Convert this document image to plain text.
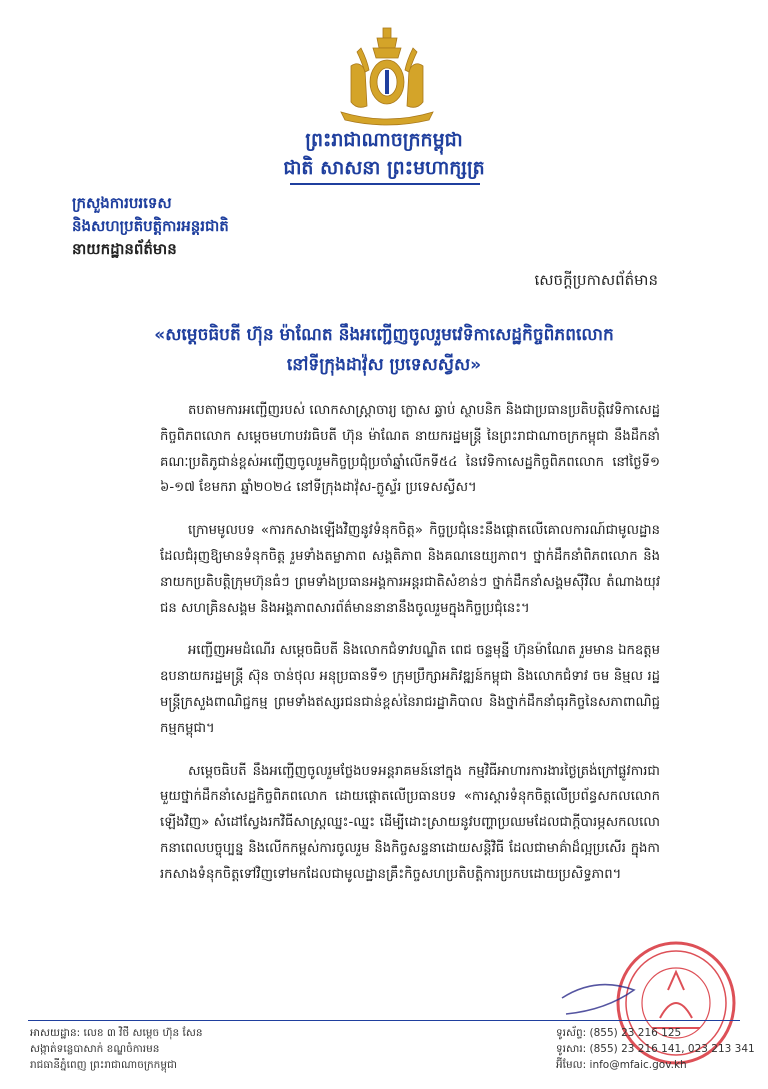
ព្រះរាជាណាចក្រកម្ពុជា
ជាតិ សាសនា ព្រះមហាក្សត្រ
ក្រសួងការបរទេស
និងសហប្រតិបត្តិការអន្តរជាតិ
នាយកដ្ឋានព័ត៌មាន
សេចក្តីប្រកាសព័ត៌មាន
«សម្តេចធិបតី ហ៊ុន ម៉ាណែត នឹងអញ្ជើញចូលរួមវេទិកាសេដ្ឋកិច្ចពិភពលោក
នៅទីក្រុងដាវ៉ុស ប្រទេសស្វីស»

តបតាមការអញ្ជើញរបស់ លោកសាស្ត្រាចារ្យ ក្លោស ឆ្វាប់ ស្ថាបនិក និងជាប្រធានប្រតិបត្តិវេទិកាសេដ្ឋកិច្ចពិភពលោក សម្តេចមហាបវរធិបតី ហ៊ុន ម៉ាណែត នាយករដ្ឋមន្ត្រី នៃព្រះរាជាណាចក្រកម្ពុជា នឹងដឹកនាំគណៈប្រតិភូជាន់ខ្ពស់អញ្ជើញចូលរួមកិច្ចប្រជុំប្រចាំឆ្នាំលើកទី៥៤ នៃវេទិកាសេដ្ឋកិច្ចពិភពលោក នៅថ្ងៃទី១៦-១៧ ខែមករា ឆ្នាំ២០២៤ នៅទីក្រុងដាវ៉ុស-ក្លូស្ទ័រ ប្រទេសស្វីស។

ក្រោមមូលបទ «ការកសាងឡើងវិញនូវទំនុកចិត្ត» កិច្ចប្រជុំនេះនឹងផ្តោតលើគោលការណ៍ជាមូលដ្ឋានដែលជំរុញឱ្យមានទំនុកចិត្ត រួមទាំងតម្លាភាព សង្គតិភាព និងគណនេយ្យភាព។ ថ្នាក់ដឹកនាំពិភពលោក និងនាយកប្រតិបត្តិក្រុមហ៊ុនធំៗ ព្រមទាំងប្រធានអង្គការអន្តរជាតិសំខាន់ៗ ថ្នាក់ដឹកនាំសង្គមស៊ីវិល តំណាងយុវជន សហគ្រិនសង្គម និងអង្គភាពសារព័ត៌មាននានានឹងចូលរួមក្នុងកិច្ចប្រជុំនេះ។

អញ្ជើញអមដំណើរ សម្តេចធិបតី និងលោកជំទាវបណ្ឌិត ពេជ ចន្ទមុន្នី ហ៊ុនម៉ាណែត រួមមាន ឯកឧត្តមឧបនាយករដ្ឋមន្ត្រី ស៊ុន ចាន់ថុល អនុប្រធានទី១ ក្រុមប្រឹក្សាអភិវឌ្ឍន៍កម្ពុជា និងលោកជំទាវ ចម និម្មល រដ្ឋមន្ត្រីក្រសួងពាណិជ្ជកម្ម ព្រមទាំងឥស្សរជនជាន់ខ្ពស់នៃរាជរដ្ឋាភិបាល និងថ្នាក់ដឹកនាំធុរកិច្ចនៃសភាពាណិជ្ជកម្មកម្ពុជា។

សម្តេចធិបតី នឹងអញ្ជើញចូលរួមថ្លែងបទអន្តរាគមន៍នៅក្នុង កម្មវិធីអាហារការងារថ្ងៃត្រង់ក្រៅផ្លូវការជាមួយថ្នាក់ដឹកនាំសេដ្ឋកិច្ចពិភពលោក ដោយផ្តោតលើប្រធានបទ «ការស្តារទំនុកចិត្តលើប្រព័ន្ធសកលលោកឡើងវិញ» សំដៅស្វែងរកវិធីសាស្ត្រឈ្នះ-ឈ្នះ ដើម្បីដោះស្រាយនូវបញ្ហាប្រឈមដែលជាក្តីបារម្ភសកលលោកនាពេលបច្ចុប្បន្ន និងលើកកម្ពស់ការចូលរួម និងកិច្ចសន្ទនាដោយសន្តិវិធី ដែលជាមាគ៌ាដ៏ល្អប្រសើរ ក្នុងការកសាងទំនុកចិត្តទៅវិញទៅមកដែលជាមូលដ្ឋានគ្រឹះកិច្ចសហប្រតិបត្តិការប្រកបដោយប្រសិទ្ធភាព។

អាសយដ្ឋាន: លេខ ៣ វិថី សម្តេច ហ៊ុន សែន
សង្កាត់ទន្លេបាសាក់ ខណ្ឌចំការមន
រាជធានីភ្នំពេញ ព្រះរាជាណាចក្រកម្ពុជា
ទូរស័ព្ទ: (855) 23 216 125
ទូរសារ: (855) 23 216 141, 023 213 341
អ៊ីមែល: info@mfaic.gov.kh
